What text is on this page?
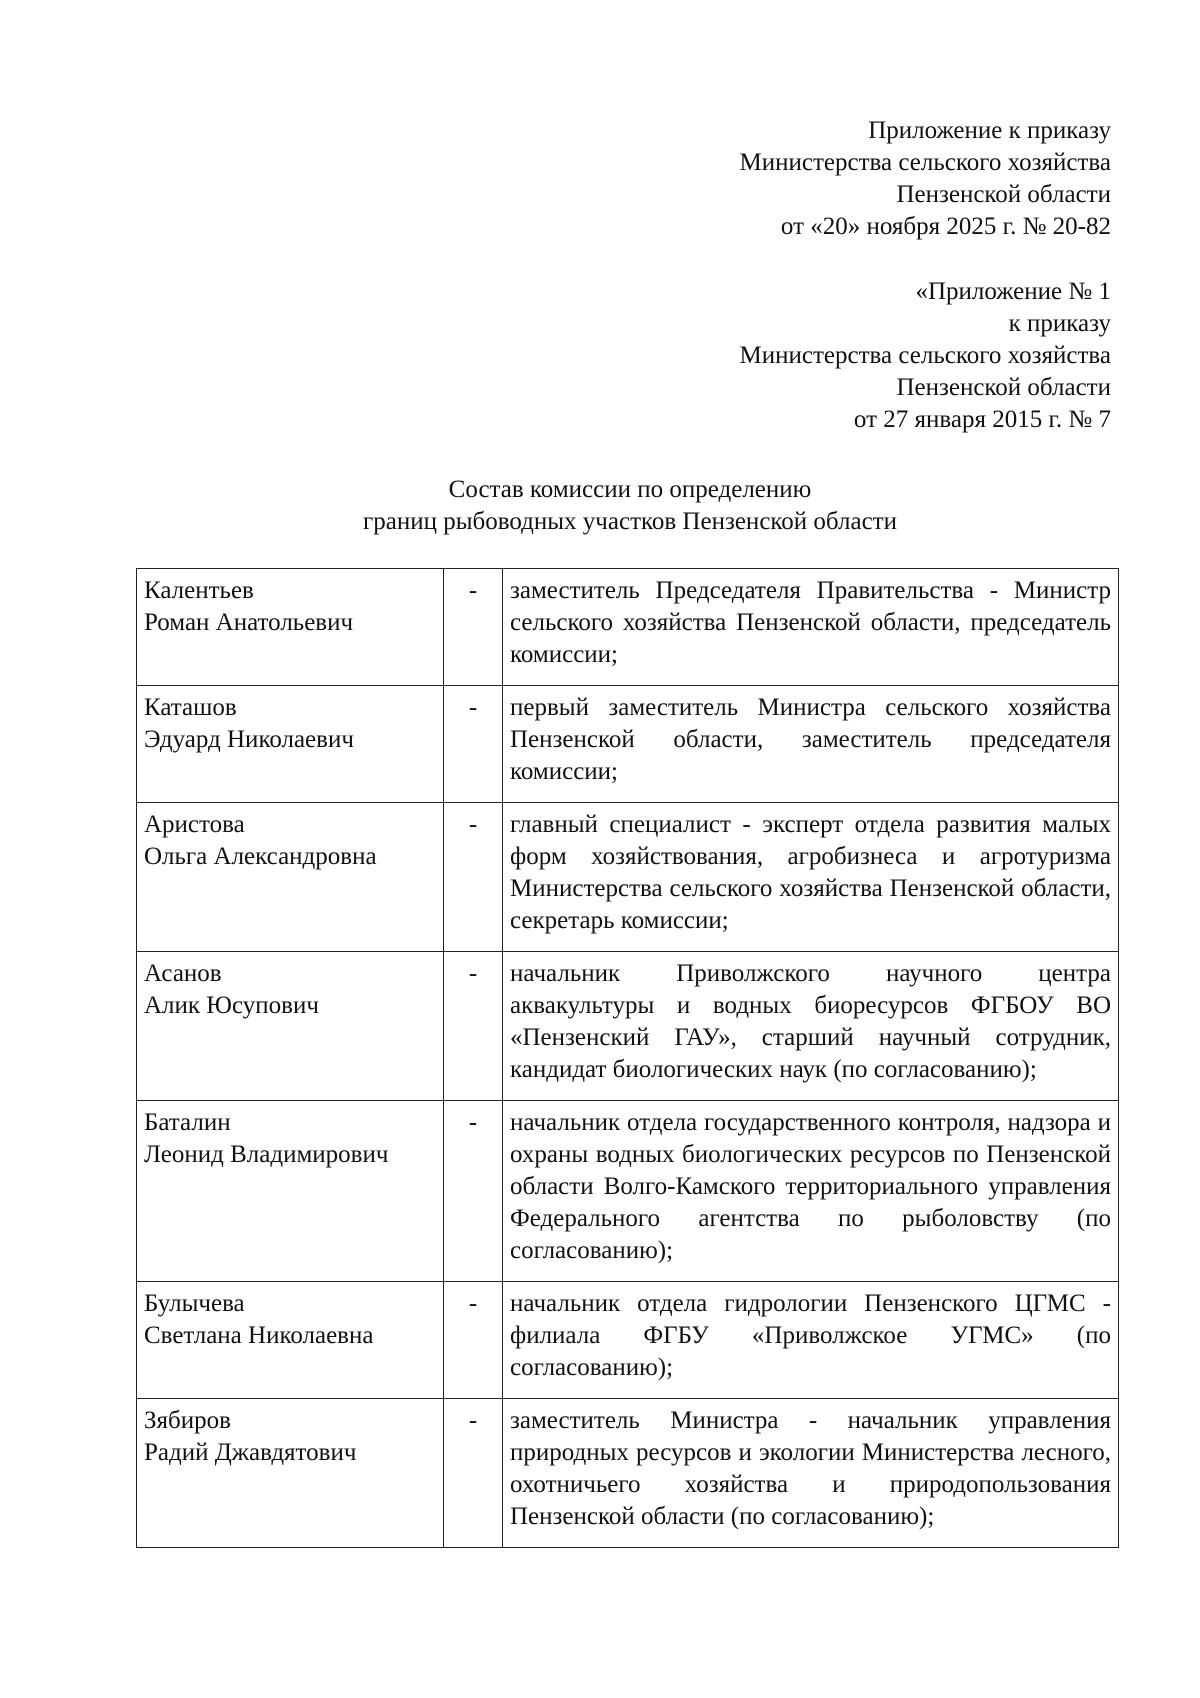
Приложение к приказу
Министерства сельского хозяйства
Пензенской области
от «20» ноября 2025 г. № 20-82
«Приложение № 1
к приказу
Министерства сельского хозяйства
Пензенской области
от 27 января 2015 г. № 7
Состав комиссии по определению
границ рыбоводных участков Пензенской области
Калентьев
Роман Анатольевич	-	заместитель Председателя Правительства - Министр сельского хозяйства Пензенской области, председатель комиссии;

Каташов
Эдуард Николаевич	-	первый заместитель Министра сельского хозяйства Пензенской области, заместитель председателя комиссии;

Аристова
Ольга Александровна	-	главный специалист - эксперт отдела развития малых форм хозяйствования, агробизнеса и агротуризма Министерства сельского хозяйства Пензенской области, секретарь комиссии;

Асанов
Алик Юсупович	-	начальник Приволжского научного центра аквакультуры и водных биоресурсов ФГБОУ ВО «Пензенский ГАУ», старший научный сотрудник, кандидат биологических наук (по согласованию);

Баталин
Леонид Владимирович	-	начальник отдела государственного контроля, надзора и охраны водных биологических ресурсов по Пензенской области Волго-Камского территориального управления Федерального агентства по рыболовству (по согласованию);

Булычева
Светлана Николаевна	-	начальник отдела гидрологии Пензенского ЦГМС - филиала ФГБУ «Приволжское УГМС» (по согласованию);

Зябиров
Радий Джавдятович	-	заместитель Министра - начальник управления природных ресурсов и экологии Министерства лесного, охотничьего хозяйства и природопользования Пензенской области (по согласованию);
